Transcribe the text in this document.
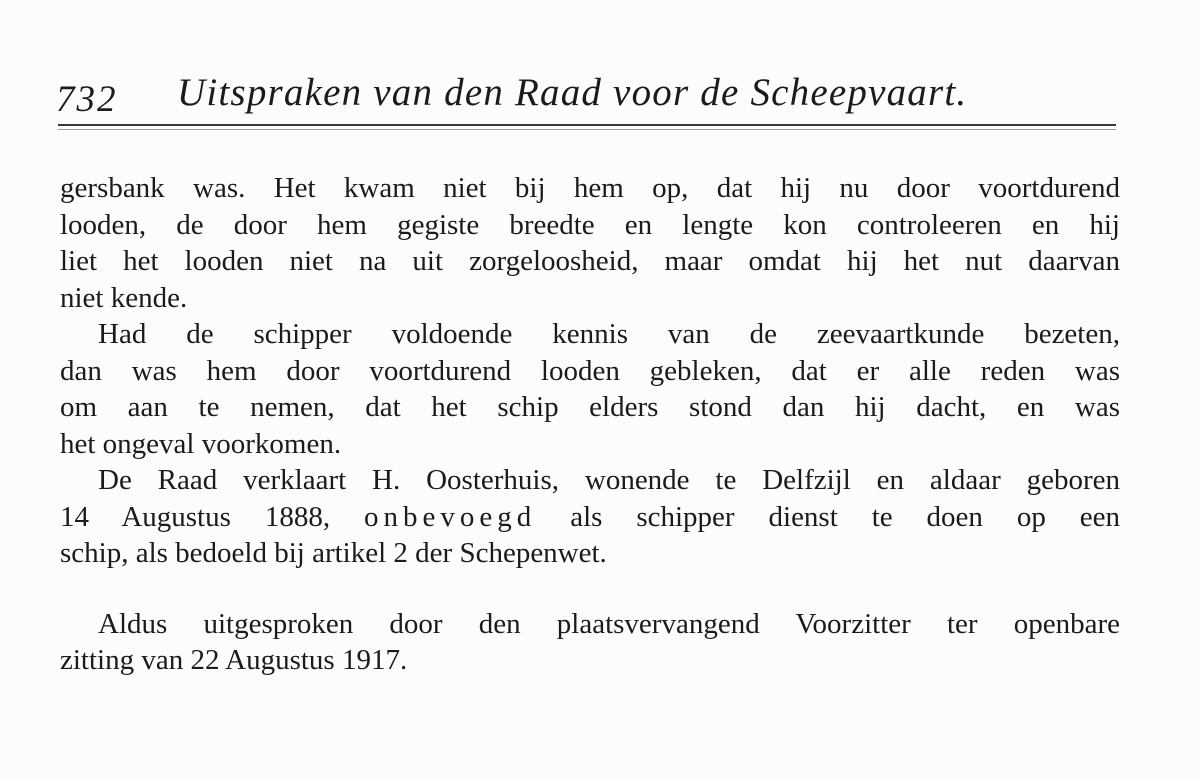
732 Uitspraken van den Raad voor de Scheepvaart.
gersbank was. Het kwam niet bij hem op, dat hij nu door voortdurend
looden, de door hem gegiste breedte en lengte kon controleeren en hij
liet het looden niet na uit zorgeloosheid, maar omdat hij het nut daarvan
niet kende.
Had de schipper voldoende kennis van de zeevaartkunde bezeten,
dan was hem door voortdurend looden gebleken, dat er alle reden was
om aan te nemen, dat het schip elders stond dan hij dacht, en was
het ongeval voorkomen.
De Raad verklaart H. Oosterhuis, wonende te Delfzijl en aldaar geboren
14 Augustus 1888, onbevoegd als schipper dienst te doen op een
schip, als bedoeld bij artikel 2 der Schepenwet.
Aldus uitgesproken door den plaatsvervangend Voorzitter ter openbare
zitting van 22 Augustus 1917.
